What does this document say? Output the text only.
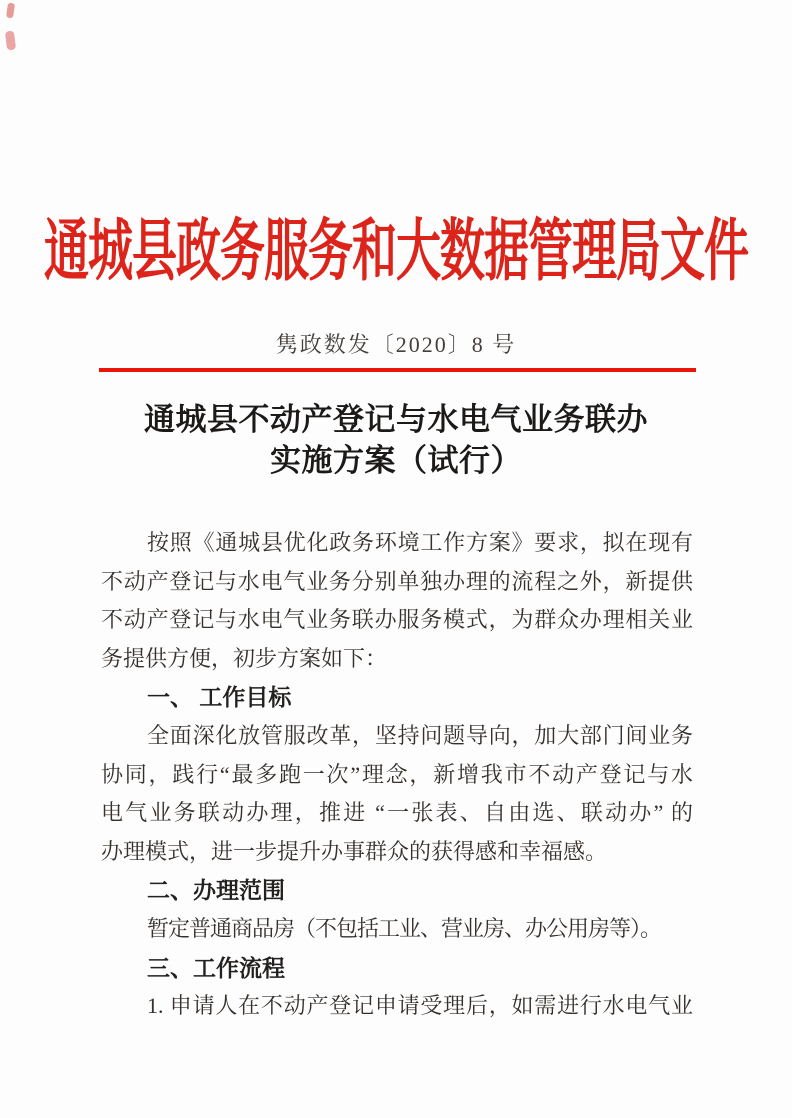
通城县政务服务和大数据管理局文件
隽政数发〔2020〕8 号
通城县不动产登记与水电气业务联办
实施方案（试行）
按照《通城县优化政务环境工作方案》要求，拟在现有
不动产登记与水电气业务分别单独办理的流程之外，新提供
不动产登记与水电气业务联办服务模式，为群众办理相关业
务提供方便，初步方案如下：
一、 工作目标
全面深化放管服改革，坚持问题导向，加大部门间业务
协同，践行“最多跑一次”理念，新增我市不动产登记与水
电气业务联动办理，推进 “一张表、自由选、联动办” 的
办理模式，进一步提升办事群众的获得感和幸福感。
二、办理范围
暂定普通商品房（不包括工业、营业房、办公用房等）。
三、工作流程
1. 申请人在不动产登记申请受理后，如需进行水电气业
